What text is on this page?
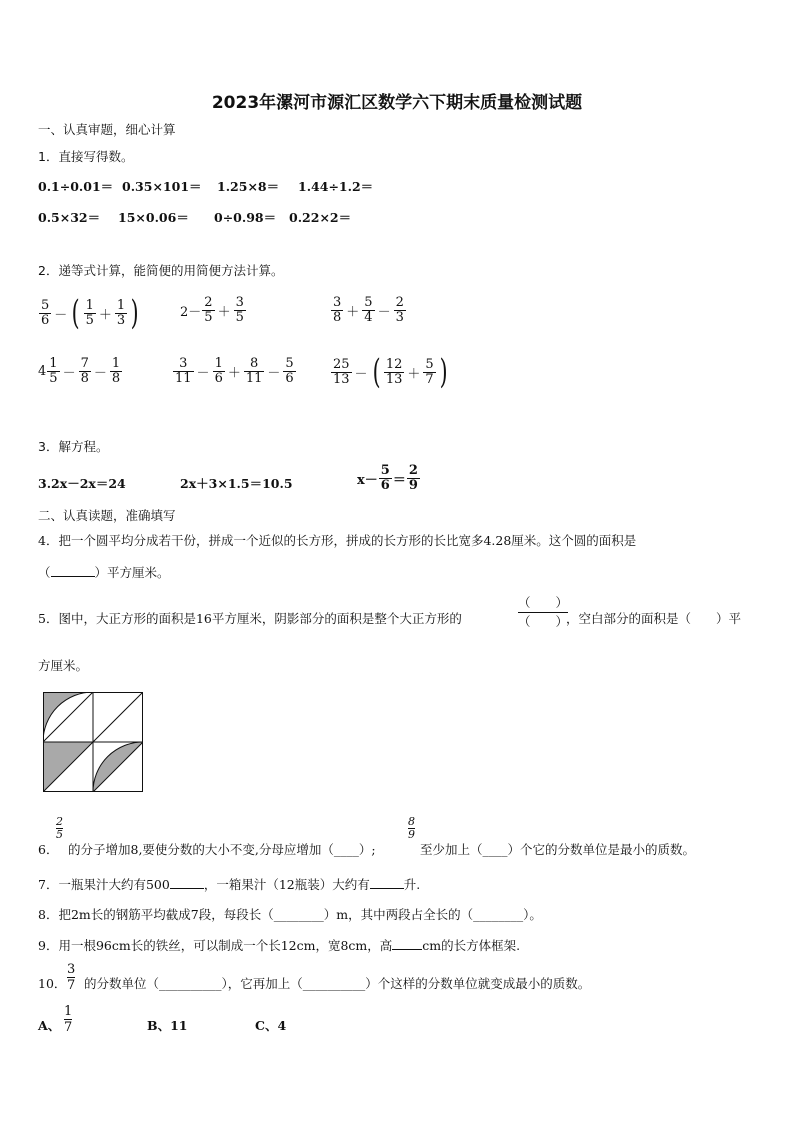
2023年漯河市源汇区数学六下期末质量检测试题
一、认真审题，细心计算
1．直接写得数。
0.1÷0.01＝ 0.35×101＝ 1.25×8＝ 1.44÷1.2＝
0.5×32＝ 15×0.06＝ 0÷0.98＝ 0.22×2＝
2．递等式计算，能简便的用简便方法计算。
$\frac{5}{6}$ － ( $\frac{1}{5} + \frac{1}{3}$ )	$2- \frac{2}{5} + \frac{3}{5}$	$\frac{3}{8} + \frac{5}{4} - \frac{2}{3}$
$4 \frac{1}{5} - \frac{7}{8} - \frac{1}{8}$	$\frac{3}{11} - \frac{1}{6} + \frac{8}{11} - \frac{5}{6}$	$\frac{25}{13}$ － ( $\frac{12}{13} + \frac{5}{7}$ )
3．解方程。
3.2x－2x＝24	2x＋3×1.5＝10.5	$x- \frac{5}{6} = \frac{2}{9}$
二、认真读题，准确填写
4．把一个圆平均分成若干份，拼成一个近似的长方形，拼成的长方形的长比宽多4.28厘米。这个圆的面积是
（	）平方厘米。
5．图中，大正方形的面积是16平方厘米，阴影部分的面积是整个大正方形的
（　　）
（　　）
，空白部分的面积是（　　）平
方厘米。
6．
2
5
的分子增加8,要使分数的大小不变,分母应增加（____）;
8
9
至少加上（____）个它的分数单位是最小的质数。
7．一瓶果汁大约有500	，一箱果汁（12瓶装）大约有	升.
8．把2m长的钢筋平均截成7段，每段长（________）m，其中两段占全长的（________）。
9．用一根96cm长的铁丝，可以制成一个长12cm，宽8cm，高 cm的长方体框架.
10．
3
7 的分数单位（__________），它再加上（__________）个这样的分数单位就变成最小的质数。
A、
1
7	B、11	C、4
